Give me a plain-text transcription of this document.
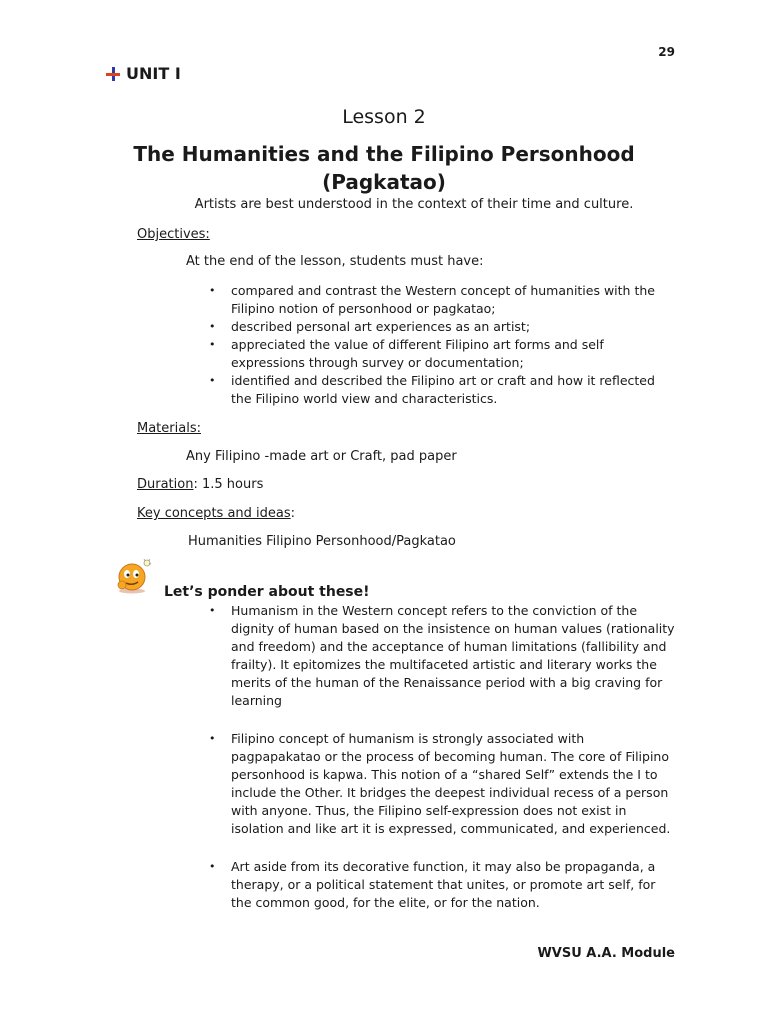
29
UNIT I
Lesson 2
The Humanities and the Filipino Personhood
(Pagkatao)
Artists are best understood in the context of their time and culture.
Objectives:
At the end of the lesson, students must have:
• compared and contrast the Western concept of humanities with the Filipino notion of personhood or pagkatao;
• described personal art experiences as an artist;
• appreciated the value of different Filipino art forms and self expressions through survey or documentation;
• identified and described the Filipino art or craft and how it reflected the Filipino world view and characteristics.
Materials:
Any Filipino -made art or Craft, pad paper
Duration: 1.5 hours
Key concepts and ideas:
Humanities Filipino Personhood/Pagkatao
Let’s ponder about these!
• Humanism in the Western concept refers to the conviction of the dignity of human based on the insistence on human values (rationality and freedom) and the acceptance of human limitations (fallibility and frailty). It epitomizes the multifaceted artistic and literary works the merits of the human of the Renaissance period with a big craving for learning
• Filipino concept of humanism is strongly associated with pagpapakatao or the process of becoming human. The core of Filipino personhood is kapwa. This notion of a “shared Self” extends the I to include the Other. It bridges the deepest individual recess of a person with anyone. Thus, the Filipino self-expression does not exist in isolation and like art it is expressed, communicated, and experienced.
• Art aside from its decorative function, it may also be propaganda, a therapy, or a political statement that unites, or promote art self, for the common good, for the elite, or for the nation.
WVSU A.A. Module
